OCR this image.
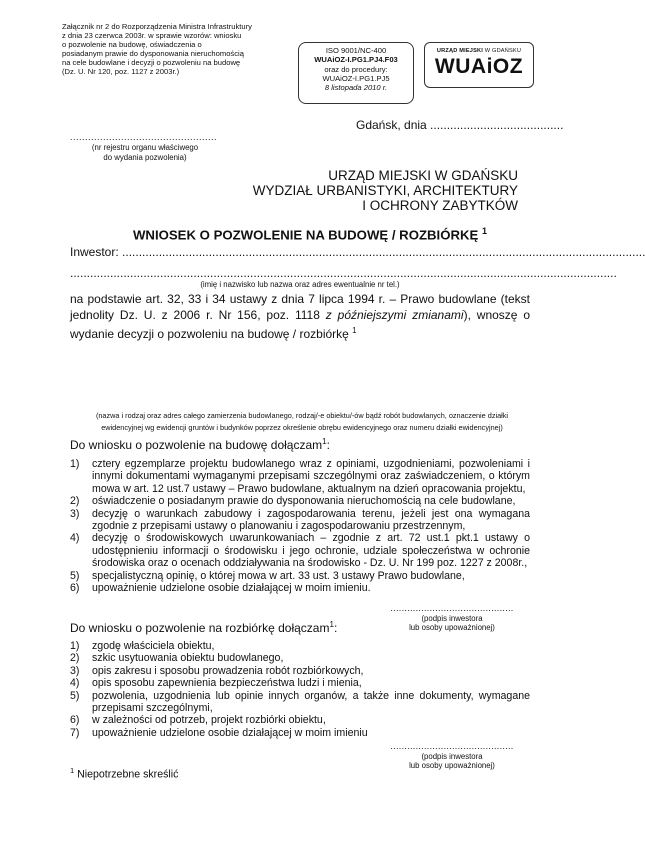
Załącznik nr 2 do Rozporządzenia Ministra Infrastruktury
z dnia 23 czerwca 2003r. w sprawie wzorów: wniosku
o pozwolenie na budowę, oświadczenia o
posiadanym prawie do dysponowania nieruchomością
na cele budowlane i decyzji o pozwoleniu na budowę
(Dz. U. Nr 120, poz. 1127 z 2003r.)
ISO 9001/NC-400
WUAiOZ-I.PG1.PJ4.F03
oraz do procedury:
WUAiOZ-I.PG1.PJ5
8 listopada 2010 r.
URZĄD MIEJSKI W GDAŃSKU
WUAiOZ
Gdańsk, dnia ........................................
.................................................
(nr rejestru organu właściwego
do wydania pozwolenia)
URZĄD MIEJSKI W GDAŃSKU
WYDZIAŁ URBANISTYKI, ARCHITEKTURY
I OCHRONY ZABYTKÓW
WNIOSEK O POZWOLENIE NA BUDOWĘ / ROZBIÓRKĘ $^1$
Inwestor: .............................................................................................................................................................
....................................................................................................................................................................
(imię i nazwisko lub nazwa oraz adres ewentualnie nr tel.)
na podstawie art. 32, 33 i 34 ustawy z dnia 7 lipca 1994 r. – Prawo budowlane (tekst jednolity Dz. U. z 2006 r. Nr 156, poz. 1118 z późniejszymi zmianami), wnoszę o wydanie decyzji o pozwoleniu na budowę / rozbiórkę $^1$
(nazwa i rodzaj oraz adres całego zamierzenia budowlanego, rodzaj/-e obiektu/-ów bądź robót budowlanych, oznaczenie działki
ewidencyjnej wg ewidencji gruntów i budynków poprzez określenie obrębu ewidencyjnego oraz numeru działki ewidencyjnej)
Do wniosku o pozwolenie na budowę dołączam$^1$:
1) cztery egzemplarze projektu budowlanego wraz z opiniami, uzgodnieniami, pozwoleniami i innymi dokumentami wymaganymi przepisami szczególnymi oraz zaświadczeniem, o którym mowa w art. 12 ust.7 ustawy – Prawo budowlane, aktualnym na dzień opracowania projektu,
2) oświadczenie o posiadanym prawie do dysponowania nieruchomością na cele budowlane,
3) decyzję o warunkach zabudowy i zagospodarowania terenu, jeżeli jest ona wymagana zgodnie z przepisami ustawy o planowaniu i zagospodarowaniu przestrzennym,
4) decyzję o środowiskowych uwarunkowaniach – zgodnie z art. 72 ust.1 pkt.1 ustawy o udostępnieniu informacji o środowisku i jego ochronie, udziale społeczeństwa w ochronie środowiska oraz o ocenach oddziaływania na środowisko - Dz. U. Nr 199 poz. 1227 z 2008r.,
5) specjalistyczną opinię, o której mowa w art. 33 ust. 3 ustawy Prawo budowlane,
6) upoważnienie udzielone osobie działającej w moim imieniu.
............................................
(podpis inwestora
lub osoby upoważnionej)
Do wniosku o pozwolenie na rozbiórkę dołączam$^1$:
1) zgodę właściciela obiektu,
2) szkic usytuowania obiektu budowlanego,
3) opis zakresu i sposobu prowadzenia robót rozbiórkowych,
4) opis sposobu zapewnienia bezpieczeństwa ludzi i mienia,
5) pozwolenia, uzgodnienia lub opinie innych organów, a także inne dokumenty, wymagane przepisami szczególnymi,
6) w zależności od potrzeb, projekt rozbiórki obiektu,
7) upoważnienie udzielone osobie działającej w moim imieniu
............................................
(podpis inwestora
lub osoby upoważnionej)
$^1$ Niepotrzebne skreślić
